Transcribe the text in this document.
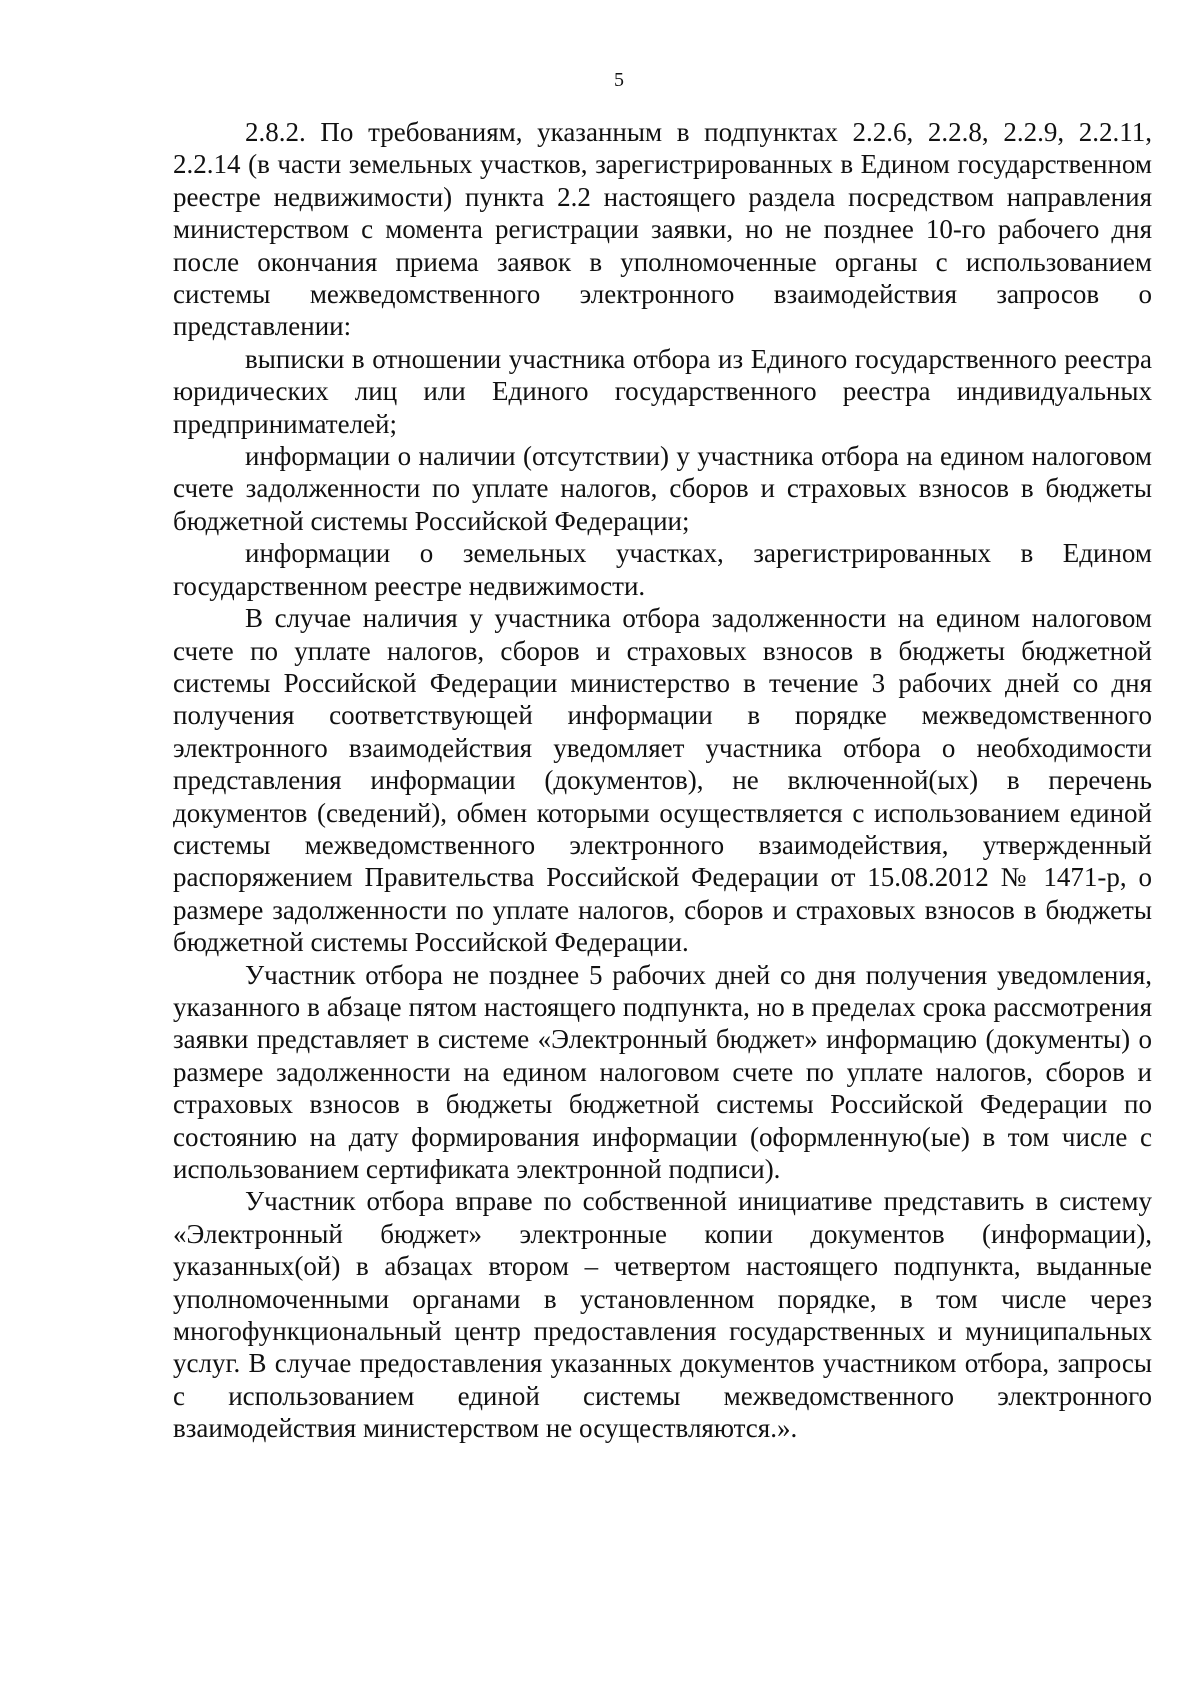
5

2.8.2. По требованиям, указанным в подпунктах 2.2.6, 2.2.8, 2.2.9, 2.2.11, 2.2.14 (в части земельных участков, зарегистрированных в Едином государственном реестре недвижимости) пункта 2.2 настоящего раздела посредством направления министерством с момента регистрации заявки, но не позднее 10-го рабочего дня после окончания приема заявок в уполномоченные органы с использованием системы межведомственного электронного взаимодействия запросов о представлении:

выписки в отношении участника отбора из Единого государственного реестра юридических лиц или Единого государственного реестра индивидуальных предпринимателей;

информации о наличии (отсутствии) у участника отбора на едином налоговом счете задолженности по уплате налогов, сборов и страховых взносов в бюджеты бюджетной системы Российской Федерации;

информации о земельных участках, зарегистрированных в Едином государственном реестре недвижимости.

В случае наличия у участника отбора задолженности на едином налоговом счете по уплате налогов, сборов и страховых взносов в бюджеты бюджетной системы Российской Федерации министерство в течение 3 рабочих дней со дня получения соответствующей информации в порядке межведомственного электронного взаимодействия уведомляет участника отбора о необходимости представления информации (документов), не включенной(ых) в перечень документов (сведений), обмен которыми осуществляется с использованием единой системы межведомственного электронного взаимодействия, утвержденный распоряжением Правительства Российской Федерации от 15.08.2012 № 1471-р, о размере задолженности по уплате налогов, сборов и страховых взносов в бюджеты бюджетной системы Российской Федерации.

Участник отбора не позднее 5 рабочих дней со дня получения уведомления, указанного в абзаце пятом настоящего подпункта, но в пределах срока рассмотрения заявки представляет в системе «Электронный бюджет» информацию (документы) о размере задолженности на едином налоговом счете по уплате налогов, сборов и страховых взносов в бюджеты бюджетной системы Российской Федерации по состоянию на дату формирования информации (оформленную(ые) в том числе с использованием сертификата электронной подписи).

Участник отбора вправе по собственной инициативе представить в систему «Электронный бюджет» электронные копии документов (информации), указанных(ой) в абзацах втором – четвертом настоящего подпункта, выданные уполномоченными органами в установленном порядке, в том числе через многофункциональный центр предоставления государственных и муниципальных услуг. В случае предоставления указанных документов участником отбора, запросы с использованием единой системы межведомственного электронного взаимодействия министерством не осуществляются.».
